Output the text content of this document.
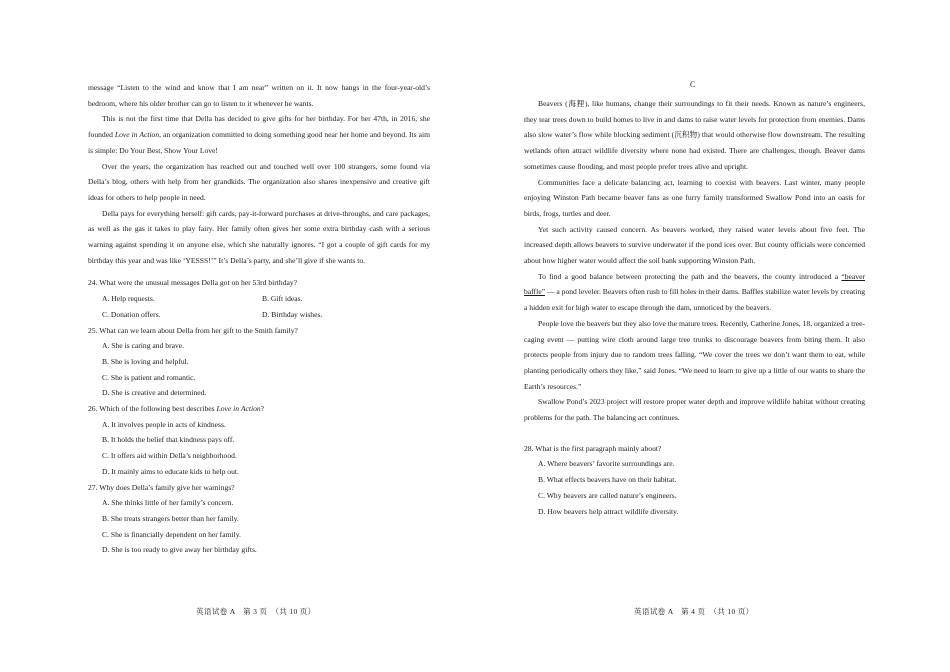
message “Listen to the wind and know that I am near” written on it. It now hangs in the four-year-old’s bedroom, where his older brother can go to listen to it whenever he wants.

This is not the first time that Della has decided to give gifts for her birthday. For her 47th, in 2016, she founded Love in Action, an organization committed to doing something good near her home and beyond. Its aim is simple: Do Your Best, Show Your Love!

Over the years, the organization has reached out and touched well over 100 strangers, some found via Della’s blog, others with help from her grandkids. The organization also shares inexpensive and creative gift ideas for others to help people in need.

Della pays for everything herself: gift cards, pay-it-forward purchases at drive-throughs, and care packages, as well as the gas it takes to play fairy. Her family often gives her some extra birthday cash with a serious warning against spending it on anyone else, which she naturally ignores. “I got a couple of gift cards for my birthday this year and was like ‘YESSS!’” It’s Della’s party, and she’ll give if she wants to.

24. What were the unusual messages Della got on her 53rd birthday?
A. Help requests.	B. Gift ideas.
C. Donation offers.	D. Birthday wishes.
25. What can we learn about Della from her gift to the Smith family?
A. She is caring and brave.
B. She is loving and helpful.
C. She is patient and romantic.
D. She is creative and determined.
26. Which of the following best describes Love in Action?
A. It involves people in acts of kindness.
B. It holds the belief that kindness pays off.
C. It offers aid within Della’s neighborhood.
D. It mainly aims to educate kids to help out.
27. Why does Della’s family give her warnings?
A. She thinks little of her family’s concern.
B. She treats strangers better than her family.
C. She is financially dependent on her family.
D. She is too ready to give away her birthday gifts.
英语试卷 A　第 3 页　（共 10 页）
C

Beavers (海狸), like humans, change their surroundings to fit their needs. Known as nature’s engineers, they tear trees down to build homes to live in and dams to raise water levels for protection from enemies. Dams also slow water’s flow while blocking sediment (沉积物) that would otherwise flow downstream. The resulting wetlands often attract wildlife diversity where none had existed. There are challenges, though. Beaver dams sometimes cause flooding, and most people prefer trees alive and upright.

Communities face a delicate balancing act, learning to coexist with beavers. Last winter, many people enjoying Winston Path became beaver fans as one furry family transformed Swallow Pond into an oasis for birds, frogs, turtles and deer.

Yet such activity caused concern. As beavers worked, they raised water levels about five feet. The increased depth allows beavers to survive underwater if the pond ices over. But county officials were concerned about how higher water would affect the soil bank supporting Winston Path.

To find a good balance between protecting the path and the beavers, the county introduced a “beaver baffle” — a pond leveler. Beavers often rush to fill holes in their dams. Baffles stabilize water levels by creating a hidden exit for high water to escape through the dam, unnoticed by the beavers.

People love the beavers but they also love the mature trees. Recently, Catherine Jones, 18, organized a tree-caging event — putting wire cloth around large tree trunks to discourage beavers from biting them. It also protects people from injury due to random trees falling. “We cover the trees we don’t want them to eat, while planting periodically others they like,” said Jones. “We need to learn to give up a little of our wants to share the Earth’s resources.”

Swallow Pond’s 2023 project will restore proper water depth and improve wildlife habitat without creating problems for the path. The balancing act continues.

28. What is the first paragraph mainly about?
A. Where beavers’ favorite surroundings are.
B. What effects beavers have on their habitat.
C. Why beavers are called nature’s engineers.
D. How beavers help attract wildlife diversity.
英语试卷 A　第 4 页　（共 10 页）
